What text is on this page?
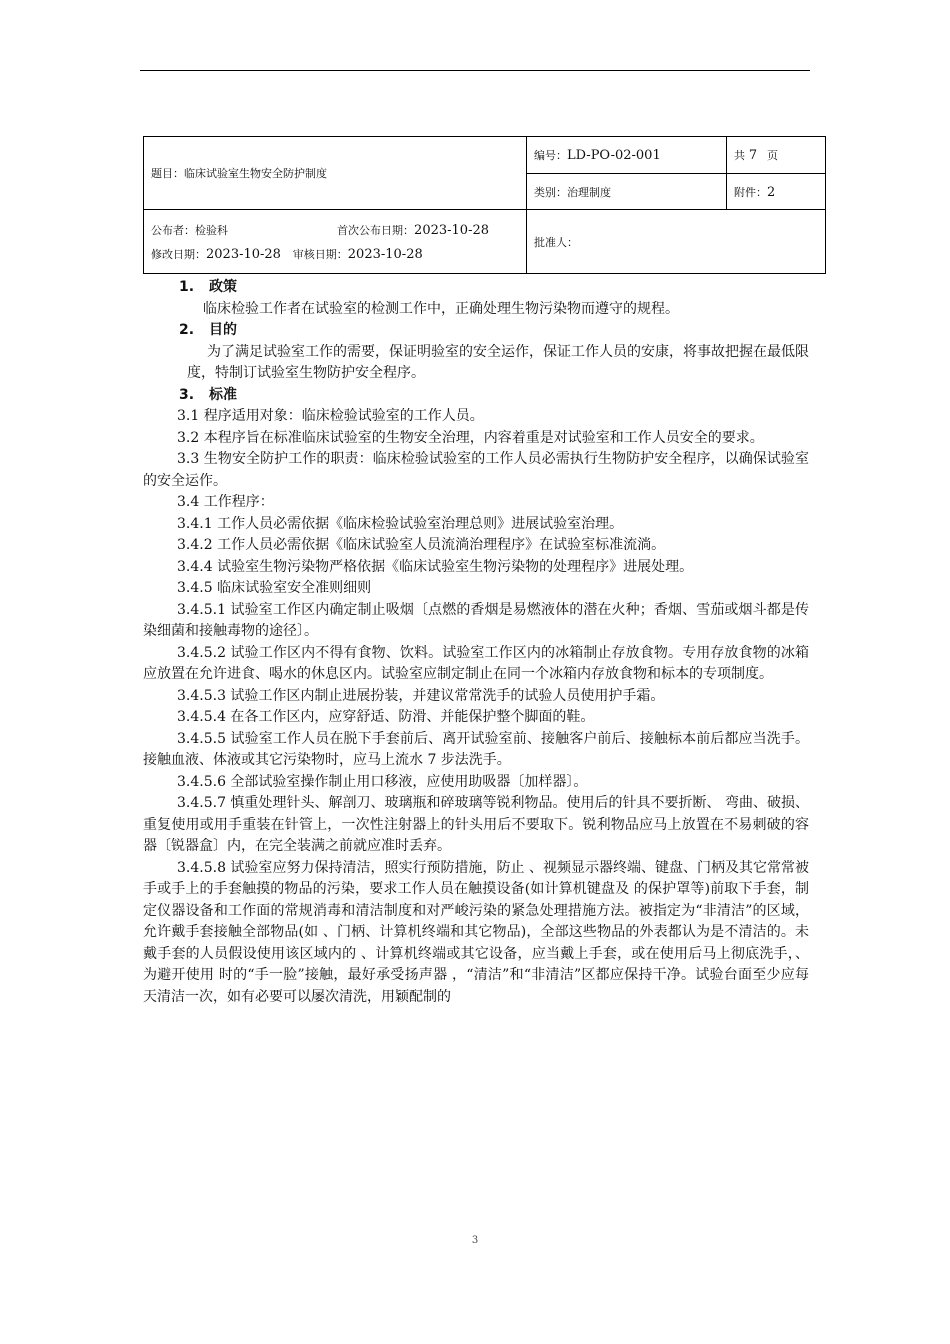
题目：临床试验室生物安全防护制度	编号：LD-PO-02-001	共 7 页
	类别：治理制度	附件：2

公布者：检验科 首次公布日期：2023-10-28
修改日期：2023-10-28 审核日期：2023-10-28	批准人：	

1. 政策

临床检验工作者在试验室的检测工作中，正确处理生物污染物而遵守的规程。

2. 目的

为了满足试验室工作的需要，保证明验室的安全运作，保证工作人员的安康，将事故把握在最低限度，特制订试验室生物防护安全程序。

3. 标准

3.1 程序适用对象：临床检验试验室的工作人员。

3.2 本程序旨在标准临床试验室的生物安全治理，内容着重是对试验室和工作人员安全的要求。

3.3 生物安全防护工作的职责：临床检验试验室的工作人员必需执行生物防护安全程序，以确保试验室的安全运作。

3.4 工作程序：

3.4.1 工作人员必需依据《临床检验试验室治理总则》进展试验室治理。

3.4.2 工作人员必需依据《临床试验室人员流淌治理程序》在试验室标准流淌。

3.4.4 试验室生物污染物严格依据《临床试验室生物污染物的处理程序》进展处理。

3.4.5 临床试验室安全准则细则

3.4.5.1 试验室工作区内确定制止吸烟〔点燃的香烟是易燃液体的潜在火种；香烟、雪茄或烟斗都是传染细菌和接触毒物的途径〕。

3.4.5.2 试验工作区内不得有食物、饮料。试验室工作区内的冰箱制止存放食物。专用存放食物的冰箱应放置在允许进食、喝水的休息区内。试验室应制定制止在同一个冰箱内存放食物和标本的专项制度。

3.4.5.3 试验工作区内制止进展扮装，并建议常常洗手的试验人员使用护手霜。

3.4.5.4 在各工作区内，应穿舒适、防滑、并能保护整个脚面的鞋。

3.4.5.5 试验室工作人员在脱下手套前后、离开试验室前、接触客户前后、接触标本前后都应当洗手。接触血液、体液或其它污染物时，应马上流水 7 步法洗手。

3.4.5.6 全部试验室操作制止用口移液，应使用助吸器〔加样器〕。

3.4.5.7 慎重处理针头、解剖刀、玻璃瓶和碎玻璃等锐利物品。使用后的针具不要折断、 弯曲、破损、重复使用或用手重装在针管上，一次性注射器上的针头用后不要取下。锐利物品应马上放置在不易刺破的容器〔锐器盒〕内，在完全装满之前就应准时丢弃。

3.4.5.8 试验室应努力保持清洁，照实行预防措施，防止 、视频显示器终端、键盘、门柄及其它常常被手或手上的手套触摸的物品的污染，要求工作人员在触摸设备(如计算机键盘及 的保护罩等)前取下手套，制定仪器设备和工作面的常规消毒和清洁制度和对严峻污染的紧急处理措施方法。被指定为“非清洁”的区域，允许戴手套接触全部物品(如 、门柄、计算机终端和其它物品)，全部这些物品的外表都认为是不清洁的。未戴手套的人员假设使用该区域内的 、计算机终端或其它设备，应当戴上手套，或在使用后马上彻底洗手，、为避开使用 时的“手一脸”接触，最好承受扬声器 ，“清洁”和“非清洁”区都应保持干净。试验台面至少应每天清洁一次，如有必要可以屡次清洗，用颖配制的

3
